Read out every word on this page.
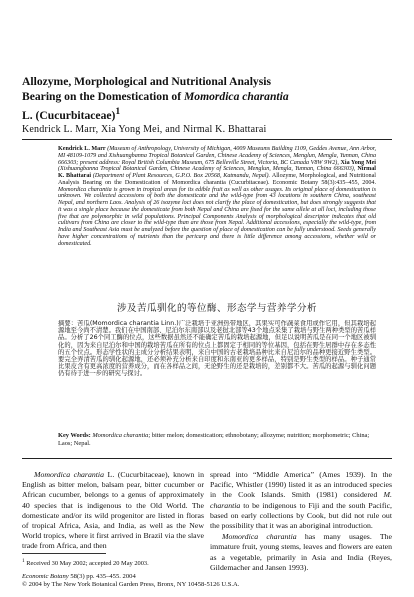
Allozyme, Morphological and Nutritional Analysis
Bearing on the Domestication of Momordica charantia
L. (Cucurbitaceae)$^1$
Kendrick L. Marr, Xia Yong Mei, and Nirmal K. Bhattarai

Kendrick L. Marr (Museum of Anthropology, University of Michigan, 4009 Museums Building 1109, Geddes Avenue, Ann Arbor, MI 48109-1079 and Xishuangbanna Tropical Botanical Garden, Chinese Academy of Sciences, Menglun, Mengla, Yunnan, China 666303; present address: Royal British Columbia Museum, 675 Belleville Street, Victoria, BC Canada V8W 9W2), Xia Yong Mei (Xishuangbanna Tropical Botanical Garden, Chinese Academy of Sciences, Menglun, Mengla, Yunnan, China 666303), Nirmal K. Bhattarai (Department of Plant Resources, G.P.O. Box 20568, Katmandu, Nepal). Allozyme, Morphological, and Nutritional Analysis Bearing on the Domestication of Momordica charantia (Cucurbitaceae). Economic Botany 58(3):435–455, 2004. Momordica charantia is grown in tropical areas for its edible fruit as well as other usages. Its original place of domestication is unknown. We collected accessions of both the domesticate and the wild-type from 43 locations in southern China, southeast Nepal, and northern Laos. Analysis of 26 isozyme loci does not clarify the place of domestication, but does strongly suggests that it was a single place because the domesticate from both Nepal and China are fixed for the same allele at all loci, including those five that are polymorphic in wild populations. Principal Components Analysis of morphological descriptor indicates that old cultivars from China are closer to the wild-type than are those from Nepal. Additional accessions, especially the wild-type, from India and Southeast Asia must be analyzed before the question of place of domestication can be fully understood. Seeds generally have higher concentrations of nutrients than the pericarp and there is little difference among accessions, whether wild or domesticated.

涉及苦瓜驯化的等位酶、形态学与营养学分析

摘要：苦瓜(Momordica charantia Linn.)广泛栽培于亚洲热带地区，其果实可作蔬菜食用或作它用，但其栽培起源地至今尚不清楚。我们在中国南部、尼泊尔东南部以及老挝北部等43个地点采集了栽培与野生两种类型的苦瓜样品。分析了26个同工酶的位点，这些数据虽然还不能确定苦瓜的栽培起源地，但足以说明苦瓜是在同一个地区被驯化的，因为来自尼泊尔和中国的栽培苦瓜在所有的位点上都固定于相同的等位基因，包括在野生居群中存在多态性的五个位点。形态学性状的主成分分析结果表明，来自中国的古老栽培品种比来自尼泊尔的品种更接近野生类型。要完全弄清苦瓜的驯化起源地，还必须补充分析来自印度和东南亚的更多样品，特别是野生类型的样品。种子通常比果皮含有更高浓度的营养成分，而在各样品之间，无论野生的还是栽培的，差别都不大。苦瓜的起源与驯化问题仍有待于进一步的研究与探讨。

Key Words: Momordica charantia; bitter melon; domestication; ethnobotany; allozyme; nutrition; morphometric; China; Laos; Nepal.

Momordica charantia L. (Cucurbitaceae), known in English as bitter melon, balsam pear, bitter cucumber or African cucumber, belongs to a genus of approximately 40 species that is indigenous to the Old World. The domesticate and/or its wild progenitor are listed in floras of tropical Africa, Asia, and India, as well as the New World tropics, where it first arrived in Brazil via the slave trade from Africa, and then

spread into “Middle America” (Ames 1939). In the Pacific, Whistler (1990) listed it as an introduced species in the Cook Islands. Smith (1981) considered M. charantia to be indigenous to Fiji and the south Pacific, based on early collections by Cook, but did not rule out the possibility that it was an aboriginal introduction.

Momordica charantia has many usages. The immature fruit, young stems, leaves and flowers are eaten as a vegetable, primarily in Asia and India (Reyes, Gildemacher and Jansen 1993).

$^1$ Received 30 May 2002; accepted 20 May 2003.

Economic Botany 58(3) pp. 435–455. 2004
© 2004 by The New York Botanical Garden Press, Bronx, NY 10458-5126 U.S.A.
